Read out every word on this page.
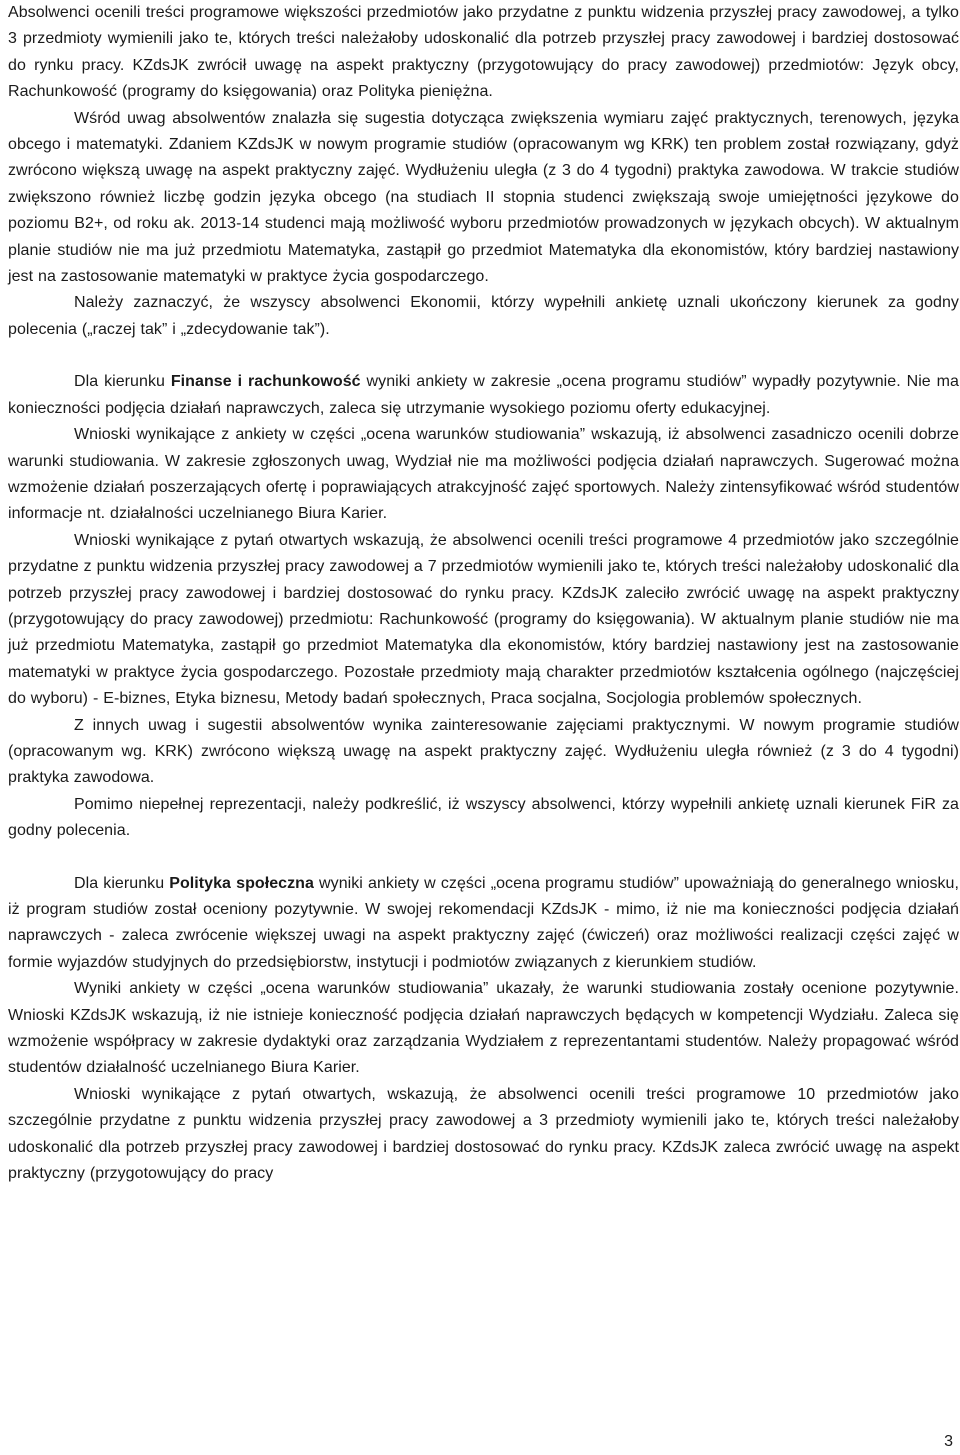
Absolwenci ocenili treści programowe większości przedmiotów jako przydatne z punktu widzenia przyszłej pracy zawodowej, a tylko 3 przedmioty wymienili jako te, których treści należałoby udoskonalić dla potrzeb przyszłej pracy zawodowej i bardziej dostosować do rynku pracy. KZdsJK zwrócił uwagę na aspekt praktyczny (przygotowujący do pracy zawodowej) przedmiotów: Język obcy, Rachunkowość (programy do księgowania) oraz Polityka pieniężna.

Wśród uwag absolwentów znalazła się sugestia dotycząca zwiększenia wymiaru zajęć praktycznych, terenowych, języka obcego i matematyki. Zdaniem KZdsJK w nowym programie studiów (opracowanym wg KRK) ten problem został rozwiązany, gdyż zwrócono większą uwagę na aspekt praktyczny zajęć. Wydłużeniu uległa (z 3 do 4 tygodni) praktyka zawodowa. W trakcie studiów zwiększono również liczbę godzin języka obcego (na studiach II stopnia studenci zwiększają swoje umiejętności językowe do poziomu B2+, od roku ak. 2013-14 studenci mają możliwość wyboru przedmiotów prowadzonych w językach obcych). W aktualnym planie studiów nie ma już przedmiotu Matematyka, zastąpił go przedmiot Matematyka dla ekonomistów, który bardziej nastawiony jest na zastosowanie matematyki w praktyce życia gospodarczego.

Należy zaznaczyć, że wszyscy absolwenci Ekonomii, którzy wypełnili ankietę uznali ukończony kierunek za godny polecenia („raczej tak” i „zdecydowanie tak”).

Dla kierunku Finanse i rachunkowość wyniki ankiety w zakresie „ocena programu studiów” wypadły pozytywnie. Nie ma konieczności podjęcia działań naprawczych, zaleca się utrzymanie wysokiego poziomu oferty edukacyjnej.

Wnioski wynikające z ankiety w części „ocena warunków studiowania” wskazują, iż absolwenci zasadniczo ocenili dobrze warunki studiowania. W zakresie zgłoszonych uwag, Wydział nie ma możliwości podjęcia działań naprawczych. Sugerować można wzmożenie działań poszerzających ofertę i poprawiających atrakcyjność zajęć sportowych. Należy zintensyfikować wśród studentów informacje nt. działalności uczelnianego Biura Karier.

Wnioski wynikające z pytań otwartych wskazują, że absolwenci ocenili treści programowe 4 przedmiotów jako szczególnie przydatne z punktu widzenia przyszłej pracy zawodowej a 7 przedmiotów wymienili jako te, których treści należałoby udoskonalić dla potrzeb przyszłej pracy zawodowej i bardziej dostosować do rynku pracy. KZdsJK zaleciło zwrócić uwagę na aspekt praktyczny (przygotowujący do pracy zawodowej) przedmiotu: Rachunkowość (programy do księgowania). W aktualnym planie studiów nie ma już przedmiotu Matematyka, zastąpił go przedmiot Matematyka dla ekonomistów, który bardziej nastawiony jest na zastosowanie matematyki w praktyce życia gospodarczego. Pozostałe przedmioty mają charakter przedmiotów kształcenia ogólnego (najczęściej do wyboru) - E-biznes, Etyka biznesu, Metody badań społecznych, Praca socjalna, Socjologia problemów społecznych.

Z innych uwag i sugestii absolwentów wynika zainteresowanie zajęciami praktycznymi. W nowym programie studiów (opracowanym wg. KRK) zwrócono większą uwagę na aspekt praktyczny zajęć. Wydłużeniu uległa również (z 3 do 4 tygodni) praktyka zawodowa.

Pomimo niepełnej reprezentacji, należy podkreślić, iż wszyscy absolwenci, którzy wypełnili ankietę uznali kierunek FiR za godny polecenia.

Dla kierunku Polityka społeczna wyniki ankiety w części „ocena programu studiów” upoważniają do generalnego wniosku, iż program studiów został oceniony pozytywnie. W swojej rekomendacji KZdsJK - mimo, iż nie ma konieczności podjęcia działań naprawczych - zaleca zwrócenie większej uwagi na aspekt praktyczny zajęć (ćwiczeń) oraz możliwości realizacji części zajęć w formie wyjazdów studyjnych do przedsiębiorstw, instytucji i podmiotów związanych z kierunkiem studiów.

Wyniki ankiety w części „ocena warunków studiowania” ukazały, że warunki studiowania zostały ocenione pozytywnie. Wnioski KZdsJK wskazują, iż nie istnieje konieczność podjęcia działań naprawczych będących w kompetencji Wydziału. Zaleca się wzmożenie współpracy w zakresie dydaktyki oraz zarządzania Wydziałem z reprezentantami studentów. Należy propagować wśród studentów działalność uczelnianego Biura Karier.

Wnioski wynikające z pytań otwartych, wskazują, że absolwenci ocenili treści programowe 10 przedmiotów jako szczególnie przydatne z punktu widzenia przyszłej pracy zawodowej a 3 przedmioty wymienili jako te, których treści należałoby udoskonalić dla potrzeb przyszłej pracy zawodowej i bardziej dostosować do rynku pracy. KZdsJK zaleca zwrócić uwagę na aspekt praktyczny (przygotowujący do pracy

3
